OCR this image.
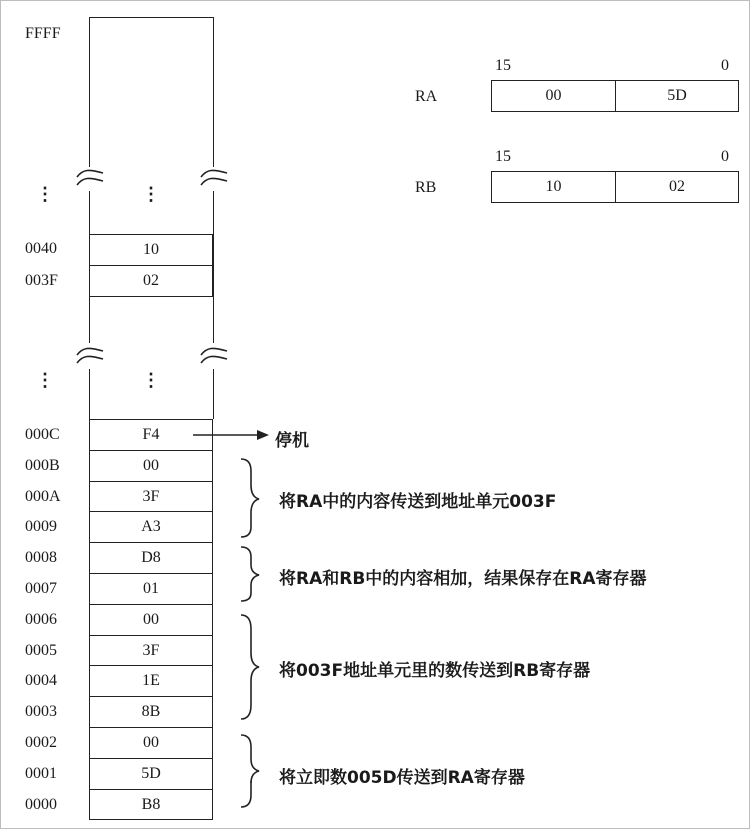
FFFF
⋮	⋮
⋮	⋮
0040	10
003F	02
000C	F4
000B	00
000A	3F
0009	A3
0008	D8
0007	01
0006	00
0005	3F
0004	1E
0003	8B
0002	00
0001	5D
0000	B8
停机
将RA中的内容传送到地址单元003F
将RA和RB中的内容相加，结果保存在RA寄存器
将003F地址单元里的数传送到RB寄存器
将立即数005D传送到RA寄存器
15	0
RA	00	5D
15	0
RB	10	02
